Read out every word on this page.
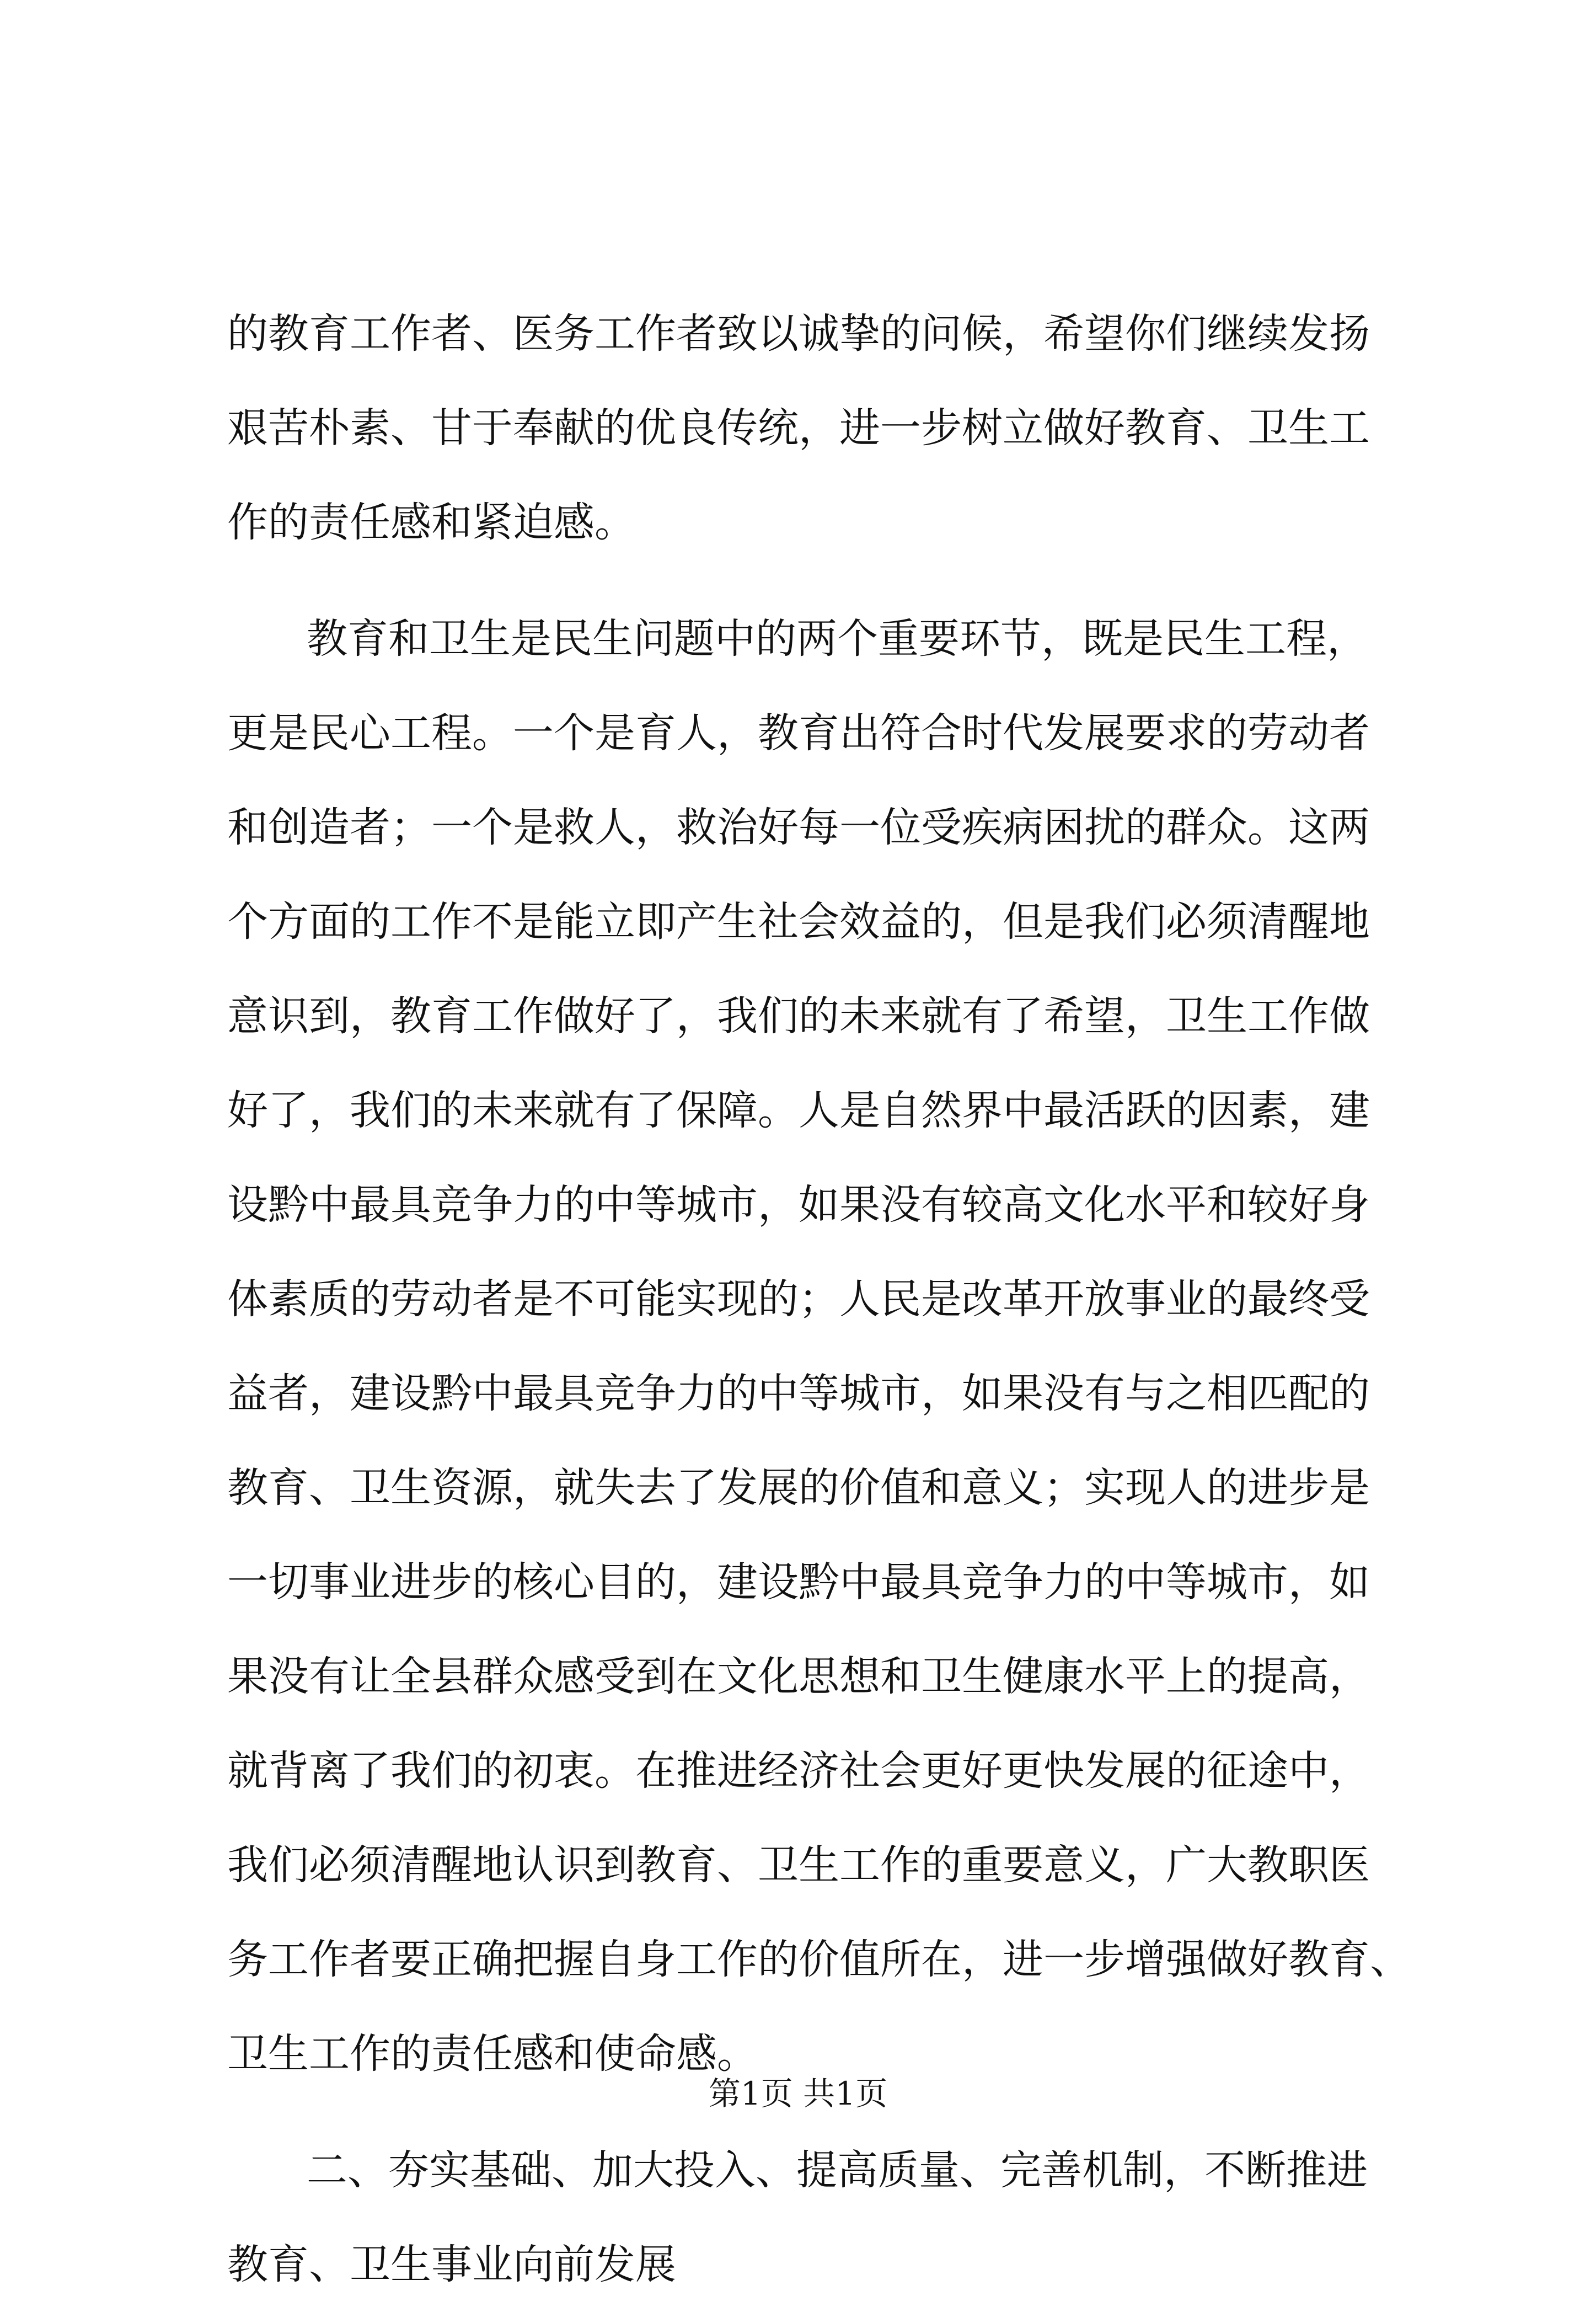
的教育工作者、医务工作者致以诚挚的问候，希望你们继续发扬
艰苦朴素、甘于奉献的优良传统，进一步树立做好教育、卫生工
作的责任感和紧迫感。
教育和卫生是民生问题中的两个重要环节，既是民生工程，
更是民心工程。一个是育人，教育出符合时代发展要求的劳动者
和创造者；一个是救人，救治好每一位受疾病困扰的群众。这两
个方面的工作不是能立即产生社会效益的，但是我们必须清醒地
意识到，教育工作做好了，我们的未来就有了希望，卫生工作做
好了，我们的未来就有了保障。人是自然界中最活跃的因素，建
设黔中最具竞争力的中等城市，如果没有较高文化水平和较好身
体素质的劳动者是不可能实现的；人民是改革开放事业的最终受
益者，建设黔中最具竞争力的中等城市，如果没有与之相匹配的
教育、卫生资源，就失去了发展的价值和意义；实现人的进步是
一切事业进步的核心目的，建设黔中最具竞争力的中等城市，如
果没有让全县群众感受到在文化思想和卫生健康水平上的提高，
就背离了我们的初衷。在推进经济社会更好更快发展的征途中，
我们必须清醒地认识到教育、卫生工作的重要意义，广大教职医
务工作者要正确把握自身工作的价值所在，进一步增强做好教育、
卫生工作的责任感和使命感。
二、夯实基础、加大投入、提高质量、完善机制，不断推进
教育、卫生事业向前发展
第1页 共1页
